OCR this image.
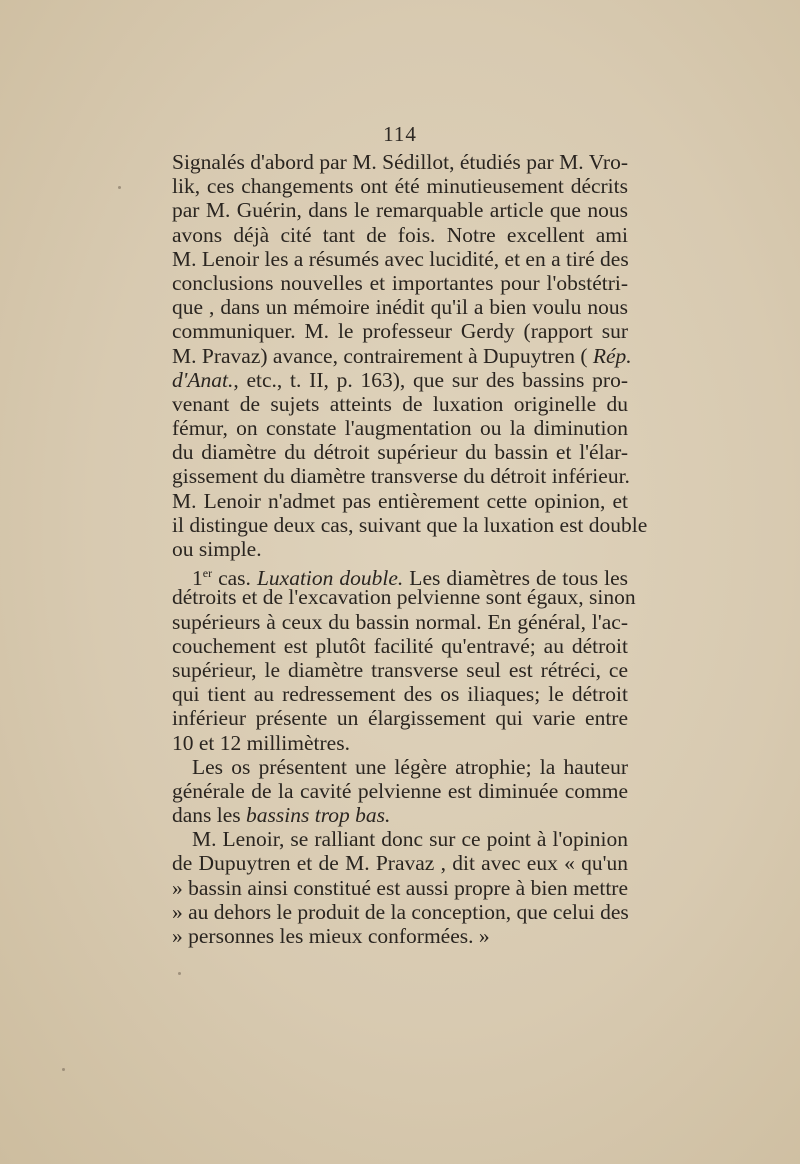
114
Signalés d'abord par M. Sédillot, étudiés par M. Vro-
lik, ces changements ont été minutieusement décrits
par M. Guérin, dans le remarquable article que nous
avons déjà cité tant de fois. Notre excellent ami
M. Lenoir les a résumés avec lucidité, et en a tiré des
conclusions nouvelles et importantes pour l'obstétri-
que , dans un mémoire inédit qu'il a bien voulu nous
communiquer. M. le professeur Gerdy (rapport sur
M. Pravaz) avance, contrairement à Dupuytren ( Rép.
d'Anat., etc., t. II, p. 163), que sur des bassins pro-
venant de sujets atteints de luxation originelle du
fémur, on constate l'augmentation ou la diminution
du diamètre du détroit supérieur du bassin et l'élar-
gissement du diamètre transverse du détroit inférieur.
M. Lenoir n'admet pas entièrement cette opinion, et
il distingue deux cas, suivant que la luxation est double
ou simple.
1er cas. Luxation double. Les diamètres de tous les
détroits et de l'excavation pelvienne sont égaux, sinon
supérieurs à ceux du bassin normal. En général, l'ac-
couchement est plutôt facilité qu'entravé; au détroit
supérieur, le diamètre transverse seul est rétréci, ce
qui tient au redressement des os iliaques; le détroit
inférieur présente un élargissement qui varie entre
10 et 12 millimètres.
Les os présentent une légère atrophie; la hauteur
générale de la cavité pelvienne est diminuée comme
dans les bassins trop bas.
M. Lenoir, se ralliant donc sur ce point à l'opinion
de Dupuytren et de M. Pravaz , dit avec eux « qu'un
» bassin ainsi constitué est aussi propre à bien mettre
» au dehors le produit de la conception, que celui des
» personnes les mieux conformées. »
